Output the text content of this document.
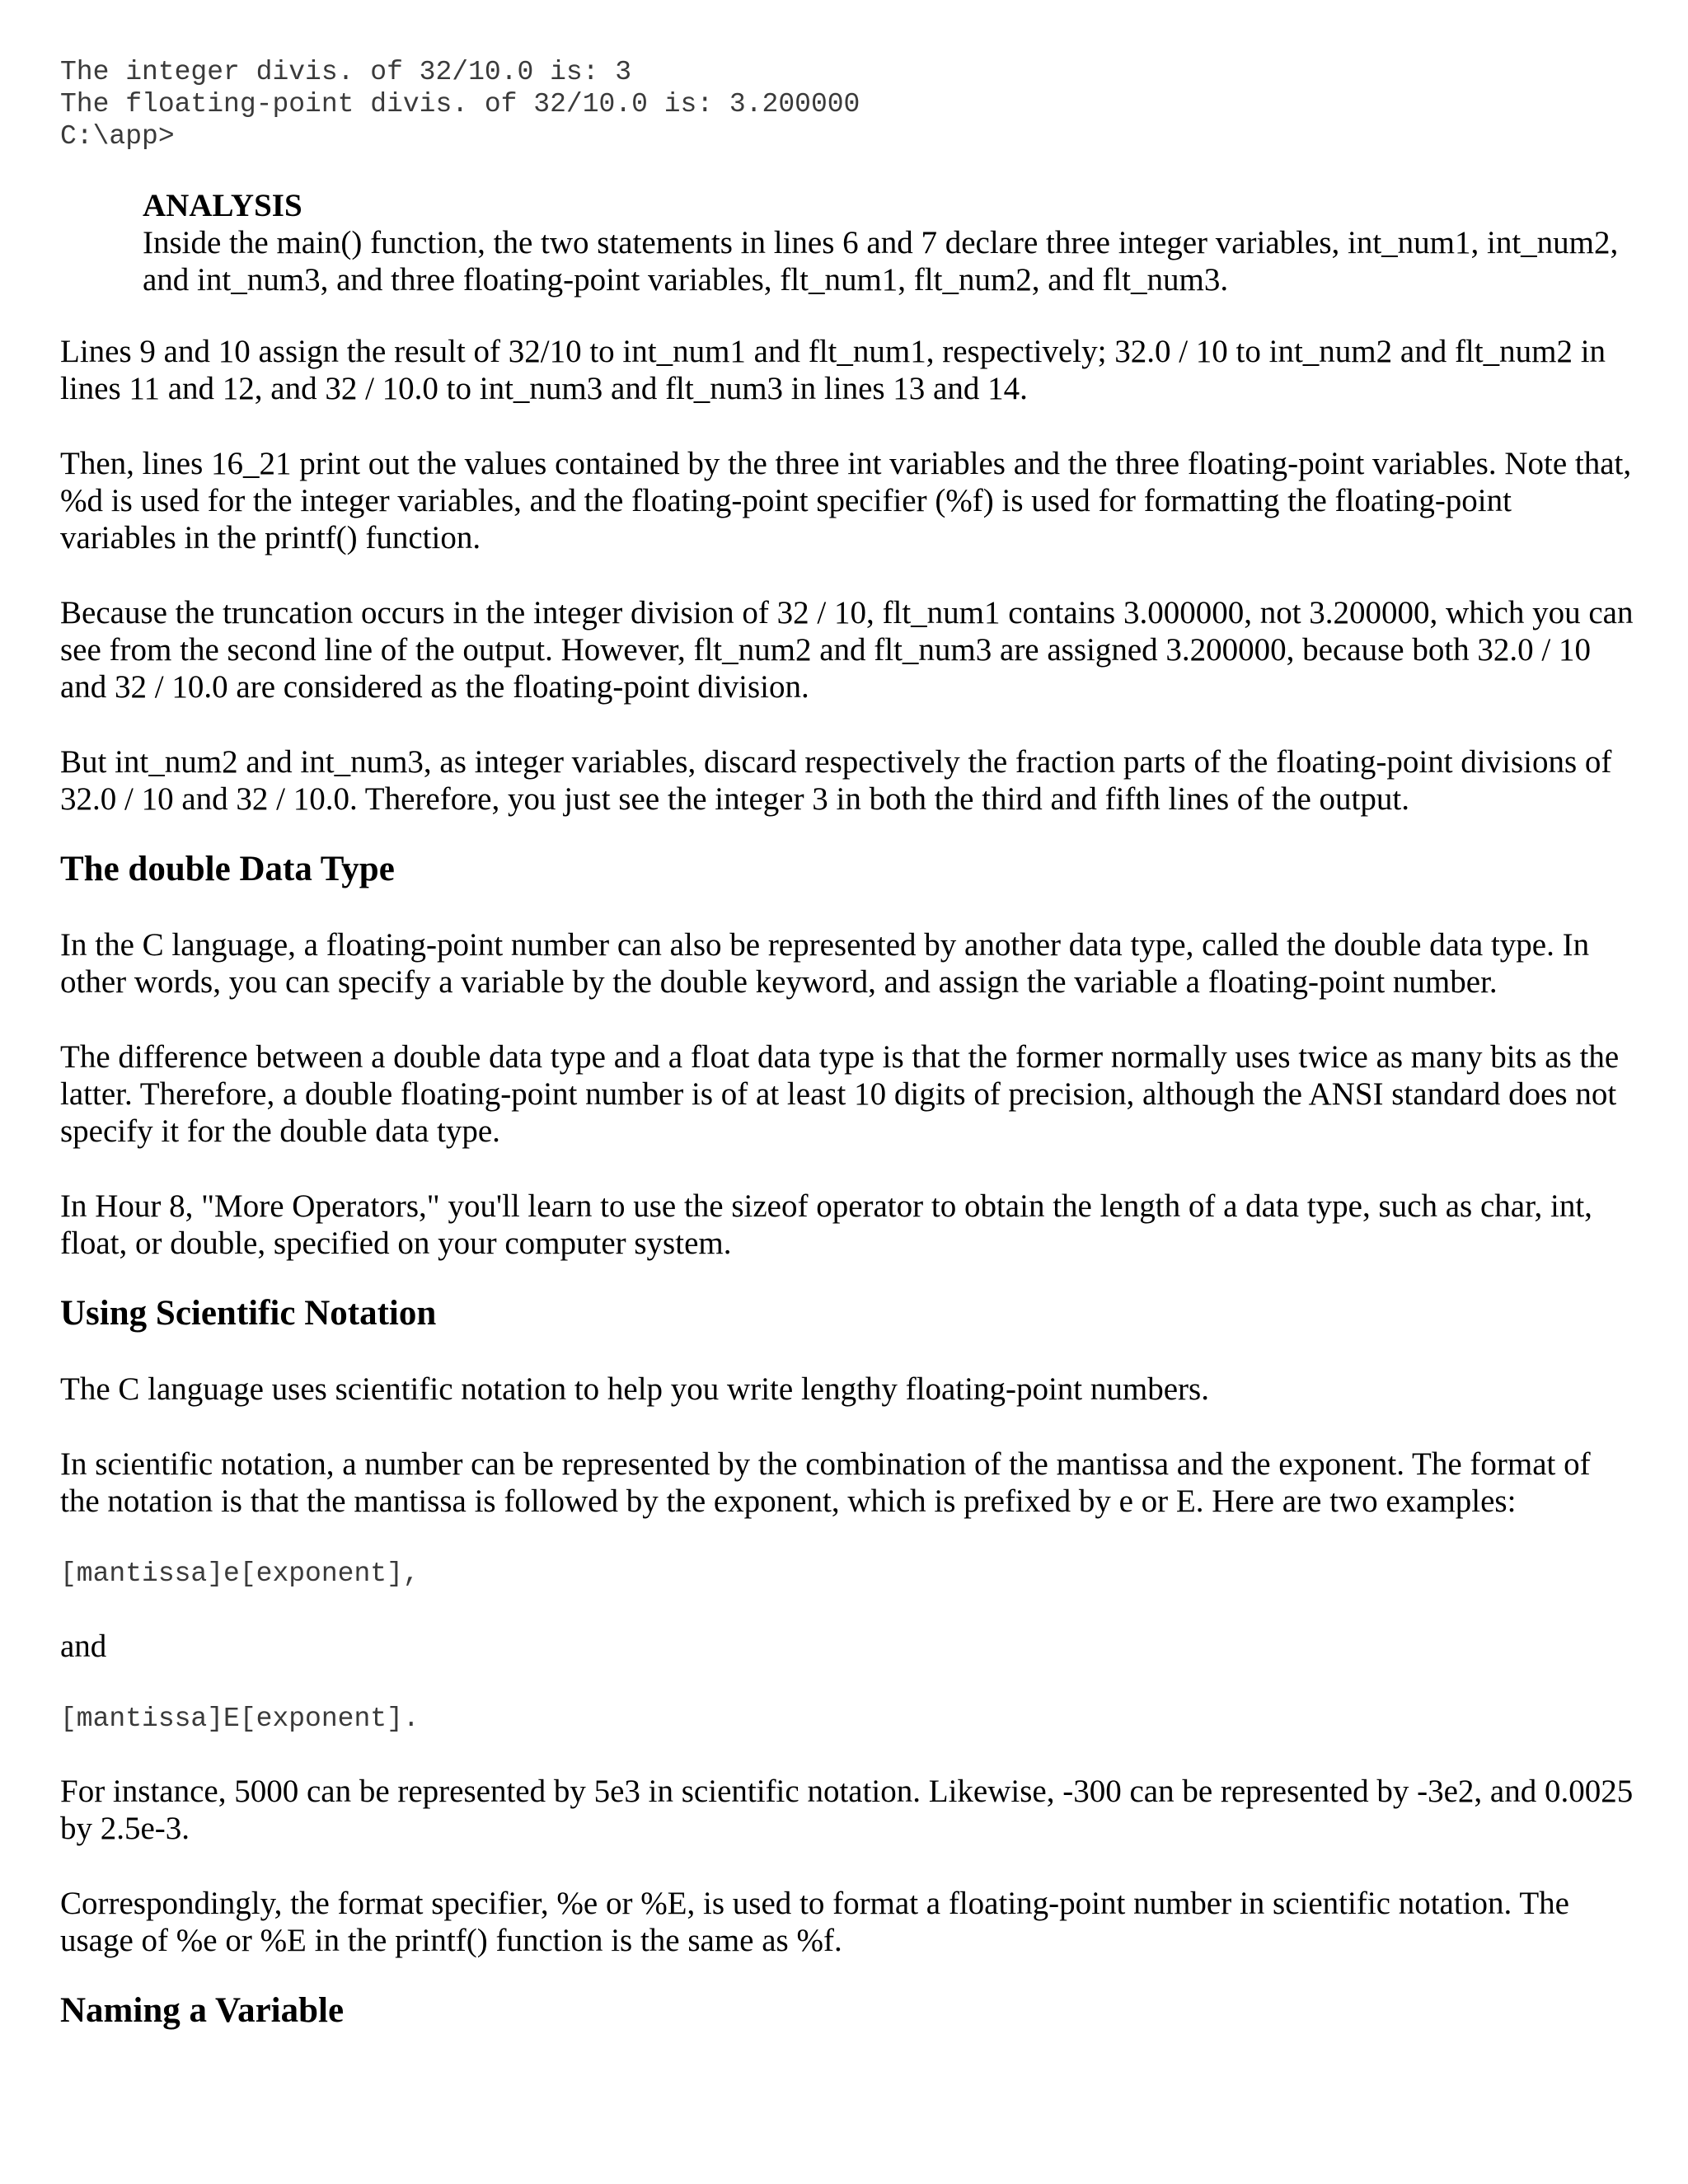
The integer divis. of 32/10.0 is: 3

The floating-point divis. of 32/10.0 is: 3.200000

C:\app>

ANALYSIS

Inside the main() function, the two statements in lines 6 and 7 declare three integer variables, int_num1, int_num2, and int_num3, and three floating-point variables, flt_num1, flt_num2, and flt_num3.

Lines 9 and 10 assign the result of 32/10 to int_num1 and flt_num1, respectively; 32.0 / 10 to int_num2 and flt_num2 in lines 11 and 12, and 32 / 10.0 to int_num3 and flt_num3 in lines 13 and 14.

Then, lines 16_21 print out the values contained by the three int variables and the three floating-point variables. Note that, %d is used for the integer variables, and the floating-point specifier (%f) is used for formatting the floating-point variables in the printf() function.

Because the truncation occurs in the integer division of 32 / 10, flt_num1 contains 3.000000, not 3.200000, which you can see from the second line of the output. However, flt_num2 and flt_num3 are assigned 3.200000, because both 32.0 / 10 and 32 / 10.0 are considered as the floating-point division.

But int_num2 and int_num3, as integer variables, discard respectively the fraction parts of the floating-point divisions of 32.0 / 10 and 32 / 10.0. Therefore, you just see the integer 3 in both the third and fifth lines of the output.

The double Data Type

In the C language, a floating-point number can also be represented by another data type, called the double data type. In other words, you can specify a variable by the double keyword, and assign the variable a floating-point number.

The difference between a double data type and a float data type is that the former normally uses twice as many bits as the latter. Therefore, a double floating-point number is of at least 10 digits of precision, although the ANSI standard does not specify it for the double data type.

In Hour 8, "More Operators," you'll learn to use the sizeof operator to obtain the length of a data type, such as char, int, float, or double, specified on your computer system.

Using Scientific Notation

The C language uses scientific notation to help you write lengthy floating-point numbers.

In scientific notation, a number can be represented by the combination of the mantissa and the exponent. The format of the notation is that the mantissa is followed by the exponent, which is prefixed by e or E. Here are two examples:

[mantissa]e[exponent],

and

[mantissa]E[exponent].

For instance, 5000 can be represented by 5e3 in scientific notation. Likewise, -300 can be represented by -3e2, and 0.0025 by 2.5e-3.

Correspondingly, the format specifier, %e or %E, is used to format a floating-point number in scientific notation. The usage of %e or %E in the printf() function is the same as %f.

Naming a Variable
